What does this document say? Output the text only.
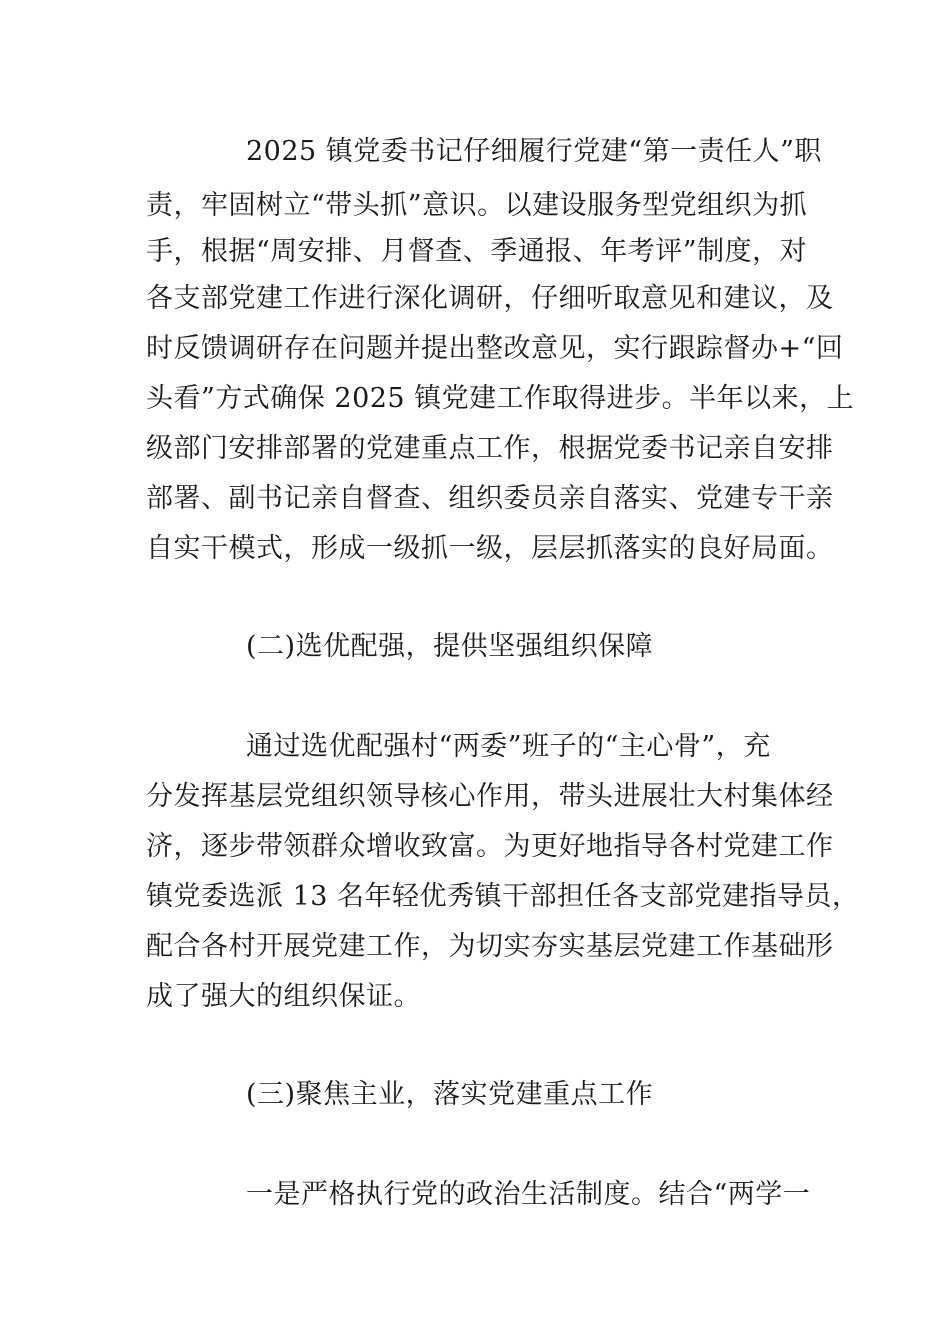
2025 镇党委书记仔细履行党建“第一责任人”职
责，牢固树立“带头抓”意识。以建设服务型党组织为抓
手，根据“周安排、月督查、季通报、年考评”制度，对
各支部党建工作进行深化调研，仔细听取意见和建议，及
时反馈调研存在问题并提出整改意见，实行跟踪督办+“回
头看”方式确保 2025 镇党建工作取得进步。半年以来，上
级部门安排部署的党建重点工作，根据党委书记亲自安排
部署、副书记亲自督查、组织委员亲自落实、党建专干亲
自实干模式，形成一级抓一级，层层抓落实的良好局面。
(二)选优配强，提供坚强组织保障
通过选优配强村“两委”班子的“主心骨”，充
分发挥基层党组织领导核心作用，带头进展壮大村集体经
济，逐步带领群众增收致富。为更好地指导各村党建工作
镇党委选派 13 名年轻优秀镇干部担任各支部党建指导员，
配合各村开展党建工作，为切实夯实基层党建工作基础形
成了强大的组织保证。
(三)聚焦主业，落实党建重点工作
一是严格执行党的政治生活制度。结合“两学一
